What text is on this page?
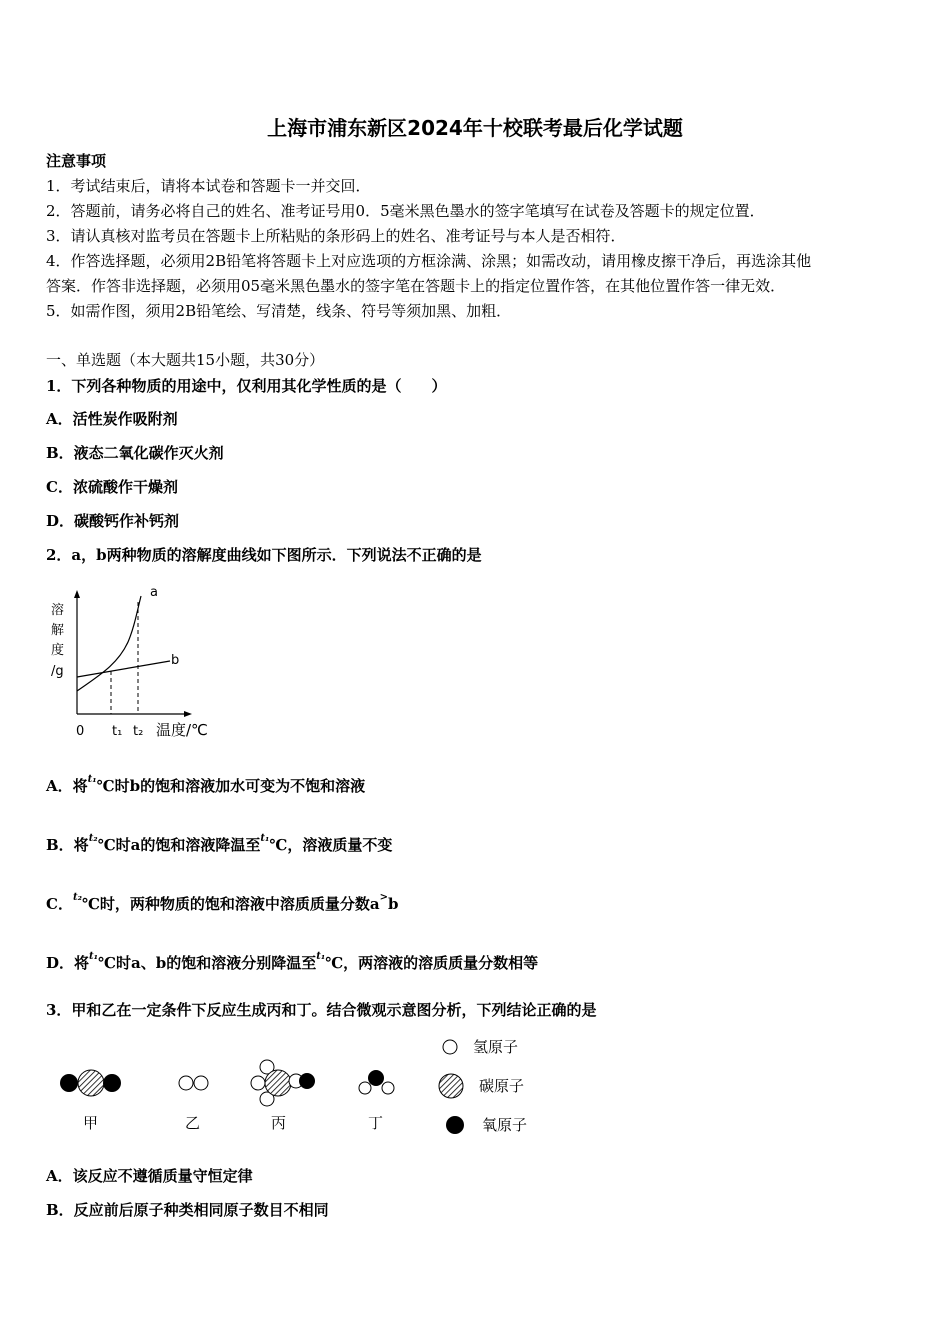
上海市浦东新区2024年十校联考最后化学试题
注意事项
1．考试结束后，请将本试卷和答题卡一并交回．
2．答题前，请务必将自己的姓名、准考证号用0．5毫米黑色墨水的签字笔填写在试卷及答题卡的规定位置．
3．请认真核对监考员在答题卡上所粘贴的条形码上的姓名、准考证号与本人是否相符．
4．作答选择题，必须用2B铅笔将答题卡上对应选项的方框涂满、涂黑；如需改动，请用橡皮擦干净后，再选涂其他
答案．作答非选择题，必须用05毫米黑色墨水的签字笔在答题卡上的指定位置作答，在其他位置作答一律无效．
5．如需作图，须用2B铅笔绘、写清楚，线条、符号等须加黑、加粗．
一、单选题（本大题共15小题，共30分）
1．下列各种物质的用途中，仅利用其化学性质的是（　　）
A．活性炭作吸附剂
B．液态二氧化碳作灭火剂
C．浓硫酸作干燥剂
D．碳酸钙作补钙剂
2．a，b两种物质的溶解度曲线如下图所示．下列说法不正确的是
溶
解
度
/g
a
b
0 t₁ t₂ 温度/℃
A．将$^{t_1}$℃时b的饱和溶液加水可变为不饱和溶液
B．将$^{t_2}$℃时a的饱和溶液降温至$^{t_1}$℃，溶液质量不变
C．$^{t_2}$℃时，两种物质的饱和溶液中溶质质量分数a>b
D．将$^{t_1}$℃时a、b的饱和溶液分别降温至$^{t_1}$℃，两溶液的溶质质量分数相等
3．甲和乙在一定条件下反应生成丙和丁。结合微观示意图分析，下列结论正确的是
甲	乙	丙	丁
氢原子
碳原子
氧原子
A．该反应不遵循质量守恒定律
B．反应前后原子种类相同原子数目不相同
